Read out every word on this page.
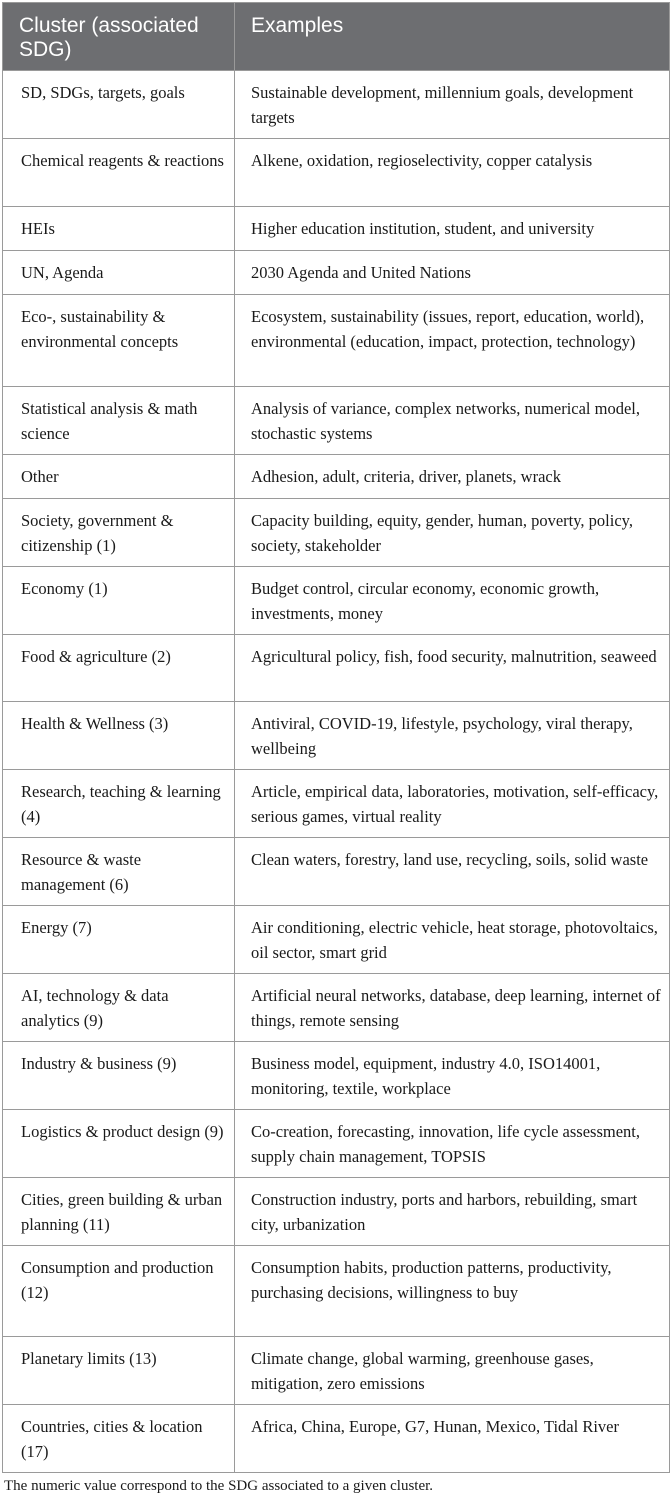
Cluster (associated SDG)	Examples
SD, SDGs, targets, goals	Sustainable development, millennium goals, development targets
Chemical reagents & reactions	Alkene, oxidation, regioselectivity, copper catalysis
HEIs	Higher education institution, student, and university
UN, Agenda	2030 Agenda and United Nations
Eco-, sustainability & environmental concepts	Ecosystem, sustainability (issues, report, education, world), environmental (education, impact, protection, technology)
Statistical analysis & math science	Analysis of variance, complex networks, numerical model, stochastic systems
Other	Adhesion, adult, criteria, driver, planets, wrack
Society, government & citizenship (1)	Capacity building, equity, gender, human, poverty, policy, society, stakeholder
Economy (1)	Budget control, circular economy, economic growth, investments, money
Food & agriculture (2)	Agricultural policy, fish, food security, malnutrition, seaweed
Health & Wellness (3)	Antiviral, COVID-19, lifestyle, psychology, viral therapy, wellbeing
Research, teaching & learning (4)	Article, empirical data, laboratories, motivation, self-efficacy, serious games, virtual reality
Resource & waste management (6)	Clean waters, forestry, land use, recycling, soils, solid waste
Energy (7)	Air conditioning, electric vehicle, heat storage, photovoltaics, oil sector, smart grid
AI, technology & data analytics (9)	Artificial neural networks, database, deep learning, internet of things, remote sensing
Industry & business (9)	Business model, equipment, industry 4.0, ISO14001, monitoring, textile, workplace
Logistics & product design (9)	Co-creation, forecasting, innovation, life cycle assessment, supply chain management, TOPSIS
Cities, green building & urban planning (11)	Construction industry, ports and harbors, rebuilding, smart city, urbanization
Consumption and production (12)	Consumption habits, production patterns, productivity, purchasing decisions, willingness to buy
Planetary limits (13)	Climate change, global warming, greenhouse gases, mitigation, zero emissions
Countries, cities & location (17)	Africa, China, Europe, G7, Hunan, Mexico, Tidal River
The numeric value correspond to the SDG associated to a given cluster.
